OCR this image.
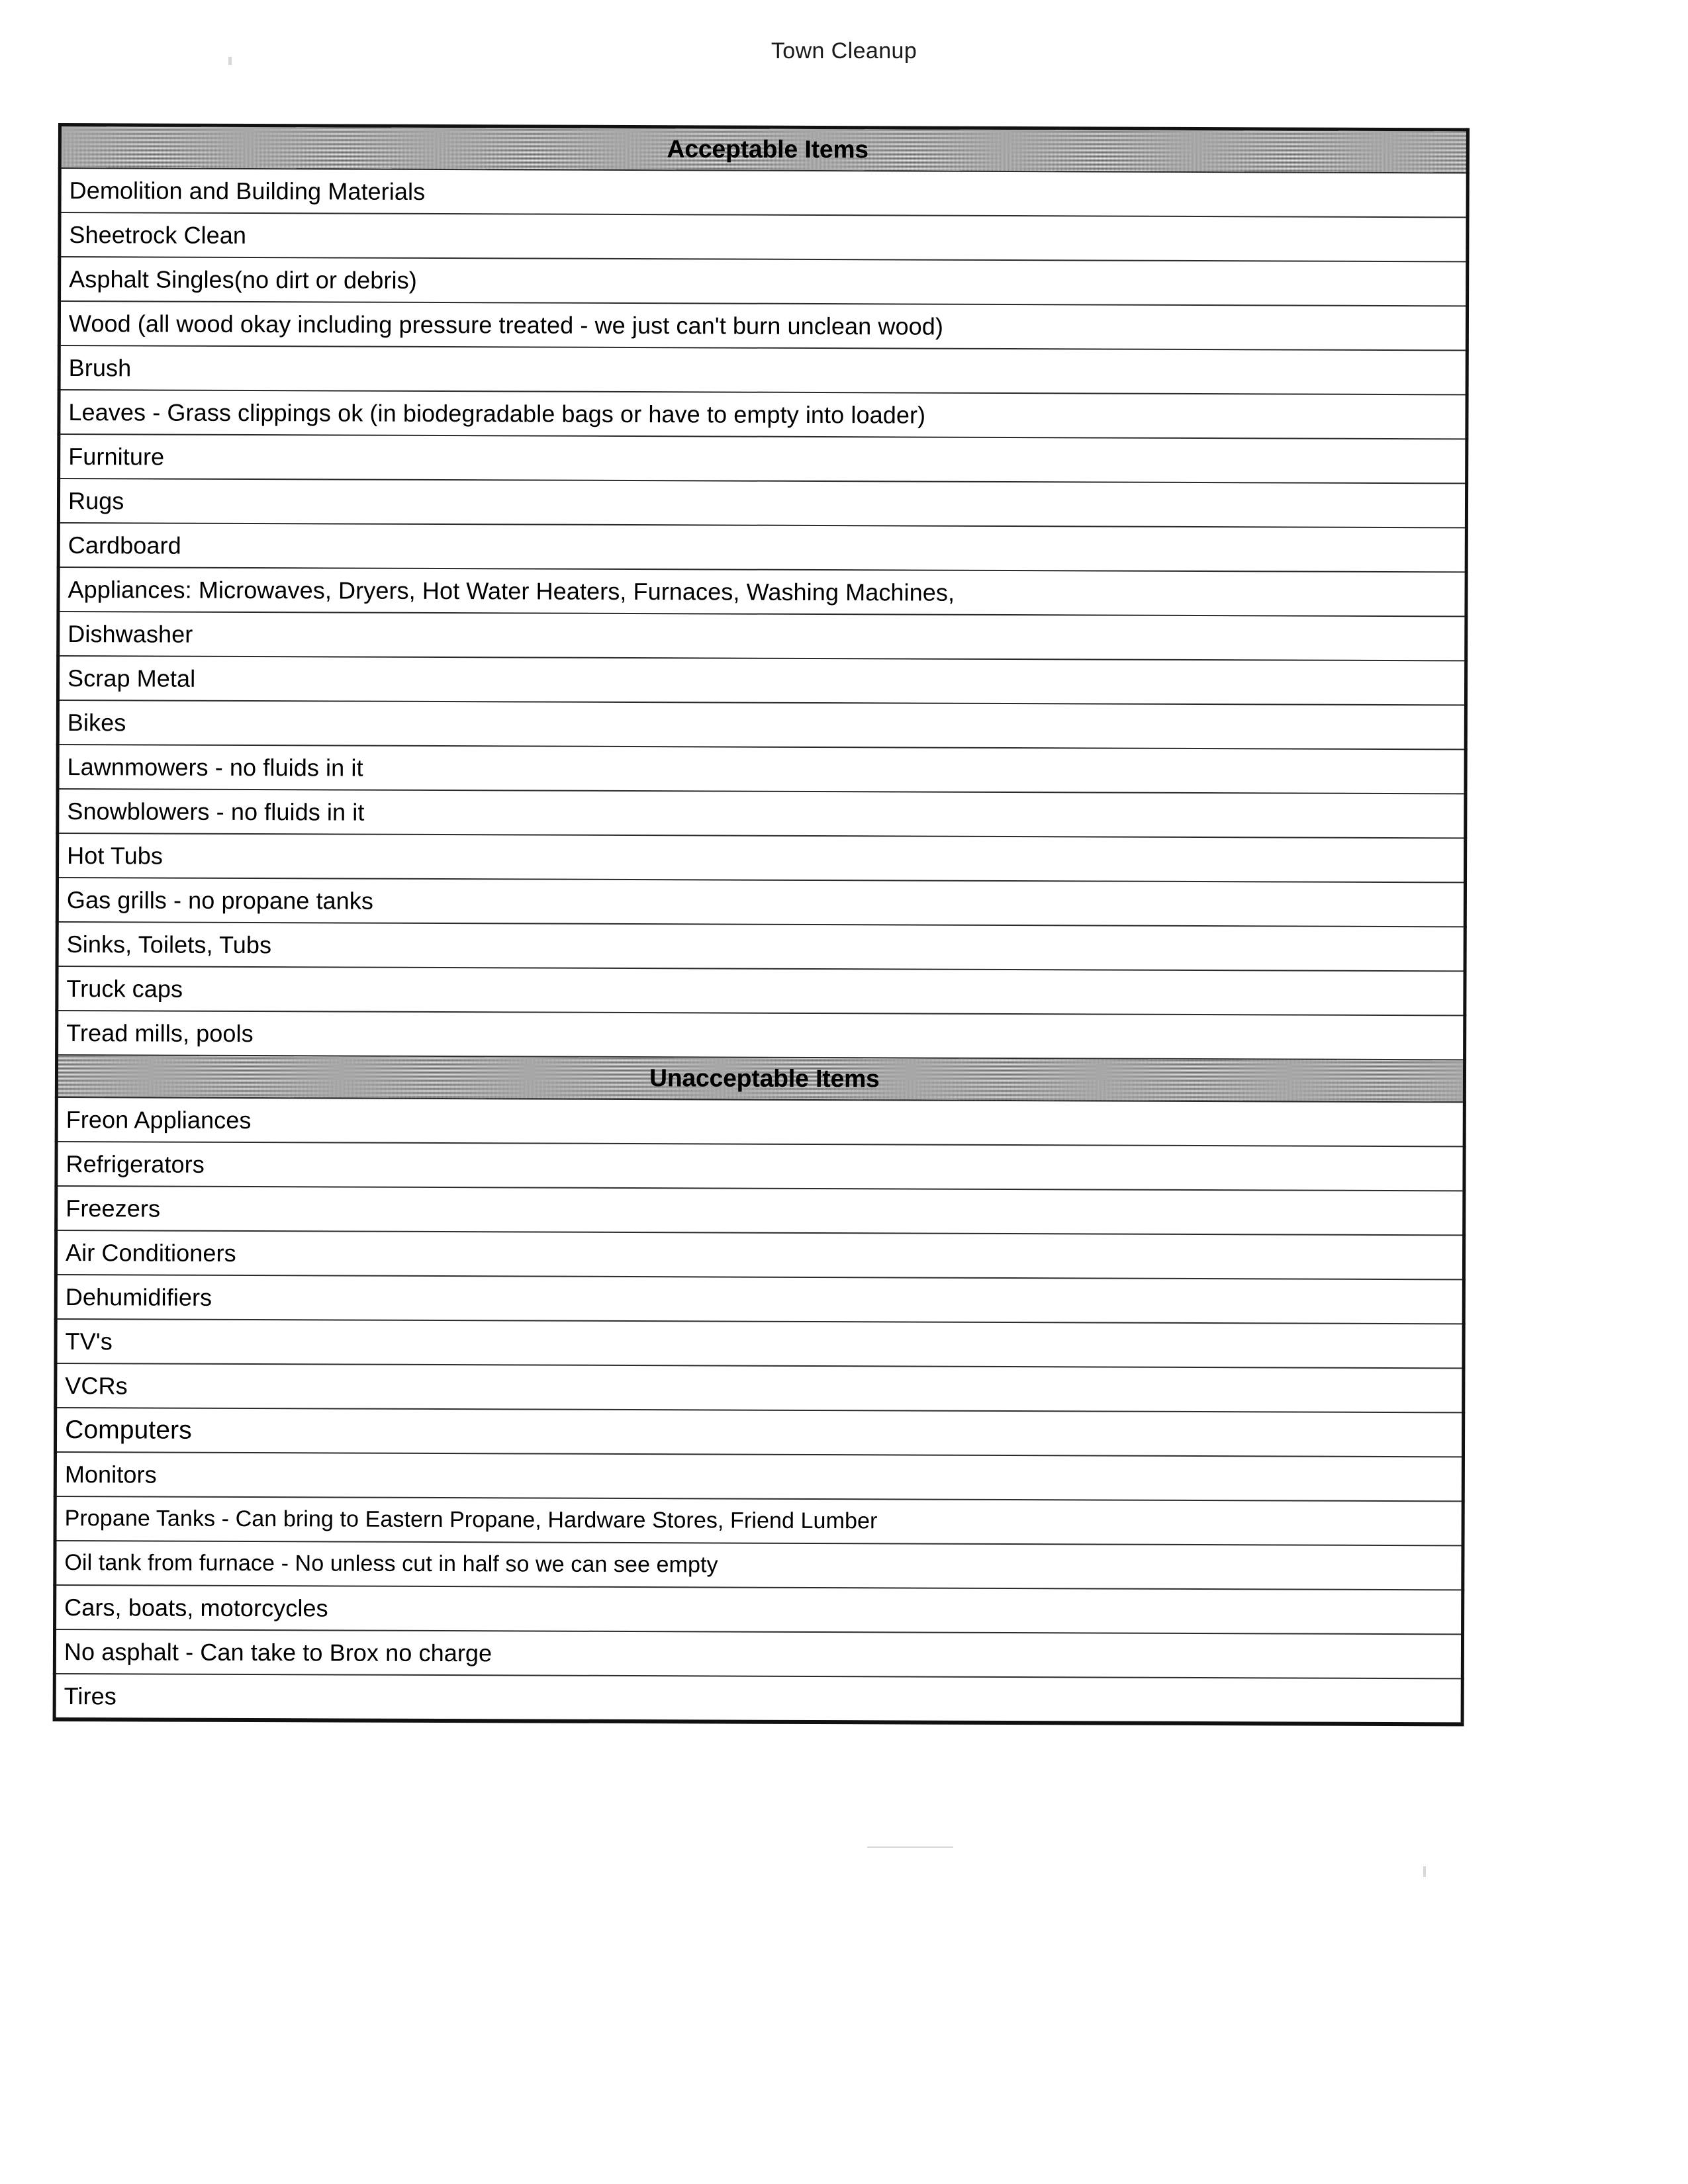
Town Cleanup
Acceptable Items
Demolition and Building Materials
Sheetrock Clean
Asphalt Singles(no dirt or debris)
Wood (all wood okay including pressure treated - we just can't burn unclean wood)
Brush
Leaves - Grass clippings ok (in biodegradable bags or have to empty into loader)
Furniture
Rugs
Cardboard
Appliances: Microwaves, Dryers, Hot Water Heaters, Furnaces, Washing Machines,
Dishwasher
Scrap Metal
Bikes
Lawnmowers - no fluids in it
Snowblowers - no fluids in it
Hot Tubs
Gas grills - no propane tanks
Sinks, Toilets, Tubs
Truck caps
Tread mills, pools
Unacceptable Items
Freon Appliances
Refrigerators
Freezers
Air Conditioners
Dehumidifiers
TV's
VCRs
Computers
Monitors
Propane Tanks - Can bring to Eastern Propane, Hardware Stores, Friend Lumber
Oil tank from furnace - No unless cut in half so we can see empty
Cars, boats, motorcycles
No asphalt - Can take to Brox no charge
Tires
